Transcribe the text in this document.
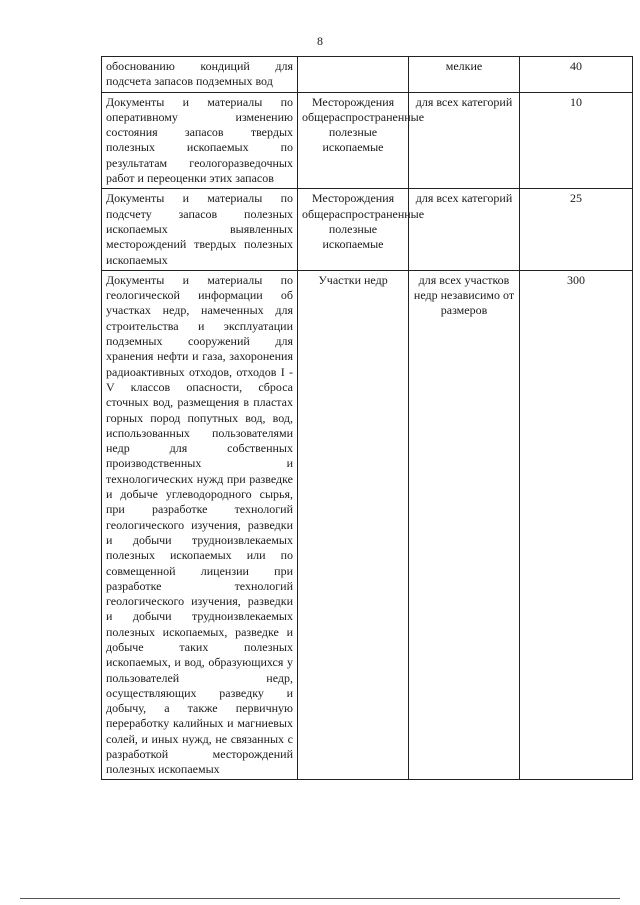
8
обоснованию кондиций для подсчета запасов подземных вод		мелкие	40
Документы и материалы по оперативному изменению состояния запасов твердых полезных ископаемых по результатам геологоразведочных работ и переоценки этих запасов	Месторождения общераспространенные полезные ископаемые	для всех категорий	10
Документы и материалы по подсчету запасов полезных ископаемых выявленных месторождений твердых полезных ископаемых	Месторождения общераспространенные полезные ископаемые	для всех категорий	25
Документы и материалы по геологической информации об участках недр, намеченных для строительства и эксплуатации подземных сооружений для хранения нефти и газа, захоронения радиоактивных отходов, отходов I - V классов опасности, сброса сточных вод, размещения в пластах горных пород попутных вод, вод, использованных пользователями недр для собственных производственных и технологических нужд при разведке и добыче углеводородного сырья, при разработке технологий геологического изучения, разведки и добычи трудноизвлекаемых полезных ископаемых или по совмещенной лицензии при разработке технологий геологического изучения, разведки и добычи трудноизвлекаемых полезных ископаемых, разведке и добыче таких полезных ископаемых, и вод, образующихся у пользователей недр, осуществляющих разведку и добычу, а также первичную переработку калийных и магниевых солей, и иных нужд, не связанных с разработкой месторождений полезных ископаемых	Участки недр	для всех участков недр независимо от размеров	300
